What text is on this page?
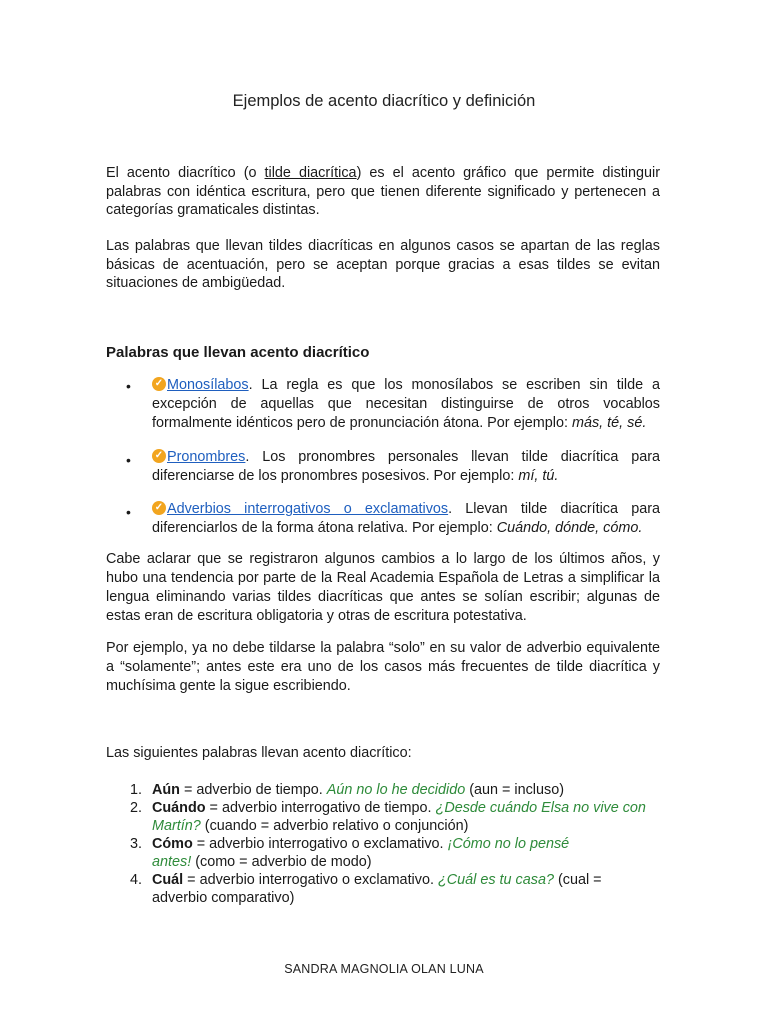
Ejemplos de acento diacrítico y definición
El acento diacrítico (o tilde diacrítica) es el acento gráfico que permite distinguir palabras con idéntica escritura, pero que tienen diferente significado y pertenecen a categorías gramaticales distintas.
Las palabras que llevan tildes diacríticas en algunos casos se apartan de las reglas básicas de acentuación, pero se aceptan porque gracias a esas tildes se evitan situaciones de ambigüedad.
Palabras que llevan acento diacrítico
•	✓ Monosílabos. La regla es que los monosílabos se escriben sin tilde a excepción de aquellas que necesitan distinguirse de otros vocablos formalmente idénticos pero de pronunciación átona. Por ejemplo: más, té, sé.
•	✓ Pronombres. Los pronombres personales llevan tilde diacrítica para diferenciarse de los pronombres posesivos. Por ejemplo: mí, tú.
•	✓ Adverbios interrogativos o exclamativos. Llevan tilde diacrítica para diferenciarlos de la forma átona relativa. Por ejemplo: Cuándo, dónde, cómo.
Cabe aclarar que se registraron algunos cambios a lo largo de los últimos años, y hubo una tendencia por parte de la Real Academia Española de Letras a simplificar la lengua eliminando varias tildes diacríticas que antes se solían escribir; algunas de estas eran de escritura obligatoria y otras de escritura potestativa.
Por ejemplo, ya no debe tildarse la palabra “solo” en su valor de adverbio equivalente a “solamente”; antes este era uno de los casos más frecuentes de tilde diacrítica y muchísima gente la sigue escribiendo.
Las siguientes palabras llevan acento diacrítico:
1. Aún = adverbio de tiempo. Aún no lo he decidido (aun = incluso)
2. Cuándo = adverbio interrogativo de tiempo. ¿Desde cuándo Elsa no vive con Martín? (cuando = adverbio relativo o conjunción)
3. Cómo = adverbio interrogativo o exclamativo. ¡Cómo no lo pensé antes! (como = adverbio de modo)
4. Cuál = adverbio interrogativo o exclamativo. ¿Cuál es tu casa? (cual = adverbio comparativo)
SANDRA MAGNOLIA OLAN LUNA
